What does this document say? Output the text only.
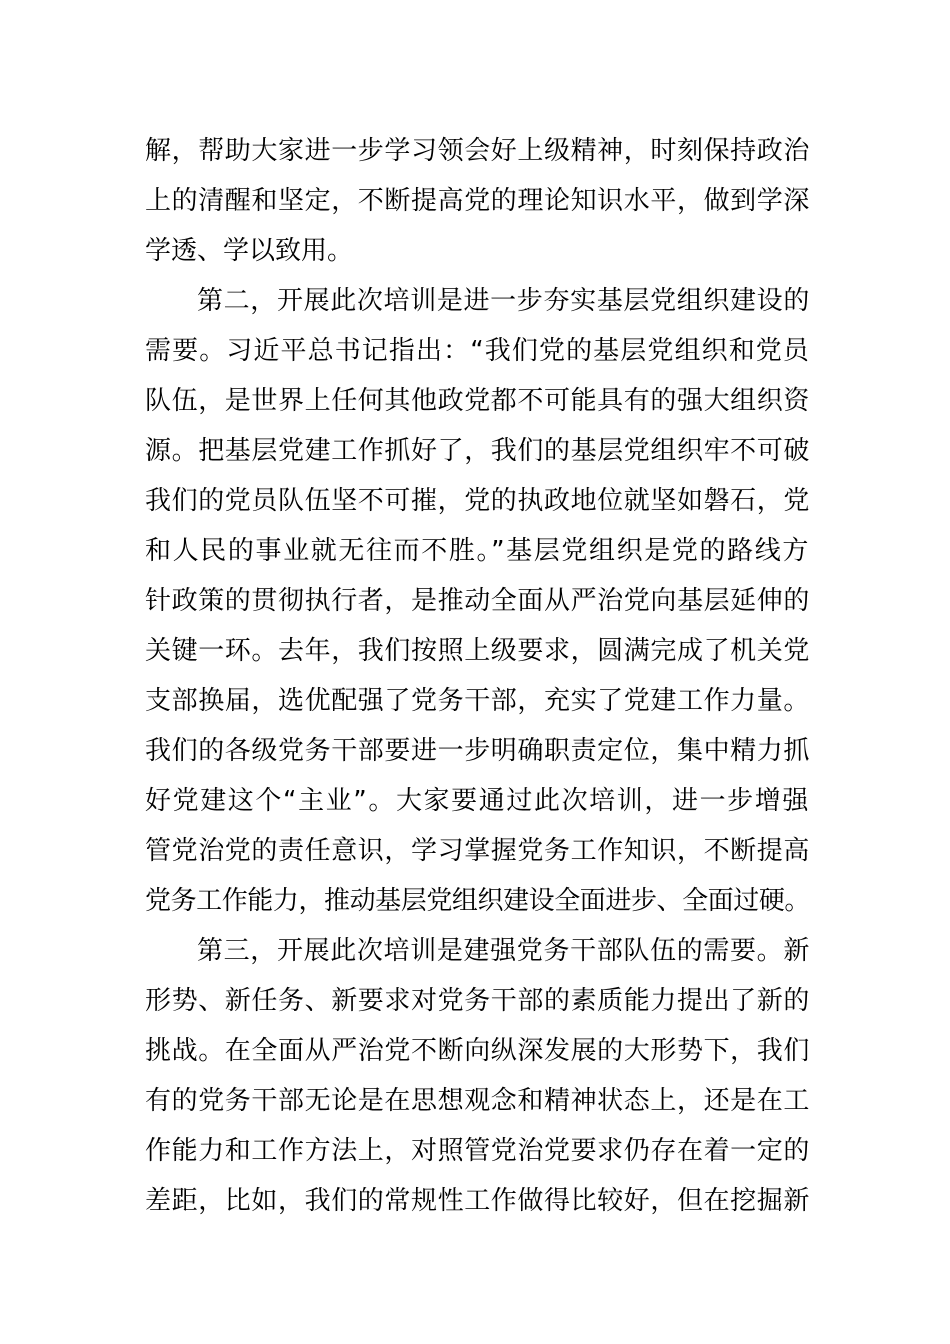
解，帮助大家进一步学习领会好上级精神，时刻保持政治
上的清醒和坚定，不断提高党的理论知识水平，做到学深
学透、学以致用。
第二，开展此次培训是进一步夯实基层党组织建设的
需要。习近平总书记指出：“我们党的基层党组织和党员
队伍，是世界上任何其他政党都不可能具有的强大组织资
源。把基层党建工作抓好了，我们的基层党组织牢不可破
我们的党员队伍坚不可摧，党的执政地位就坚如磐石，党
和人民的事业就无往而不胜。”基层党组织是党的路线方
针政策的贯彻执行者，是推动全面从严治党向基层延伸的
关键一环。去年，我们按照上级要求，圆满完成了机关党
支部换届，选优配强了党务干部，充实了党建工作力量。
我们的各级党务干部要进一步明确职责定位，集中精力抓
好党建这个“主业”。大家要通过此次培训，进一步增强
管党治党的责任意识，学习掌握党务工作知识，不断提高
党务工作能力，推动基层党组织建设全面进步、全面过硬。
第三，开展此次培训是建强党务干部队伍的需要。新
形势、新任务、新要求对党务干部的素质能力提出了新的
挑战。在全面从严治党不断向纵深发展的大形势下，我们
有的党务干部无论是在思想观念和精神状态上，还是在工
作能力和工作方法上，对照管党治党要求仍存在着一定的
差距，比如，我们的常规性工作做得比较好，但在挖掘新
